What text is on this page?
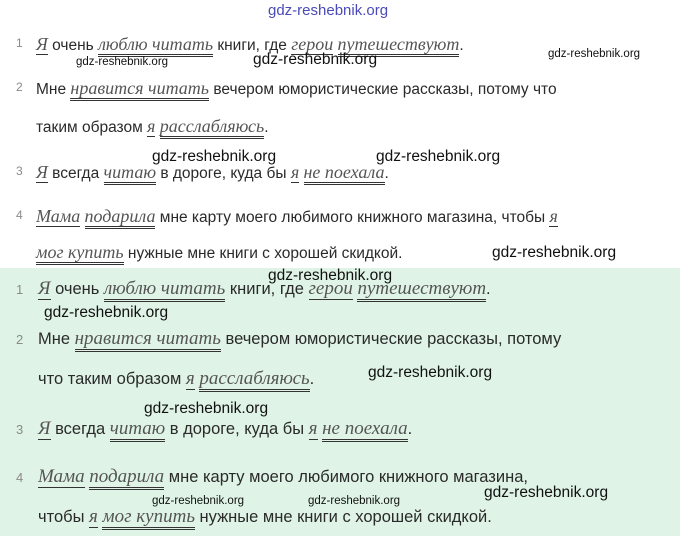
1 Я очень люблю читать книги, где герои путешествуют.
2 Мне нравится читать вечером юмористические рассказы, потому что
таким образом я расслабляюсь.
3 Я всегда читаю в дороге, куда бы я не поехала.
4 Мама подарила мне карту моего любимого книжного магазина, чтобы я
мог купить нужные мне книги с хорошей скидкой.
1 Я очень люблю читать книги, где герои путешествуют.
2 Мне нравится читать вечером юмористические рассказы, потому
что таким образом я расслабляюсь.
3 Я всегда читаю в дороге, куда бы я не поехала.
4 Мама подарила мне карту моего любимого книжного магазина,
чтобы я мог купить нужные мне книги с хорошей скидкой.
gdz-reshebnik.org
gdz-reshebnik.org	gdz-reshebnik.org	gdz-reshebnik.org
gdz-reshebnik.org	gdz-reshebnik.org
gdz-reshebnik.org
gdz-reshebnik.org
gdz-reshebnik.org
gdz-reshebnik.org
gdz-reshebnik.org
gdz-reshebnik.org
gdz-reshebnik.org	gdz-reshebnik.org
